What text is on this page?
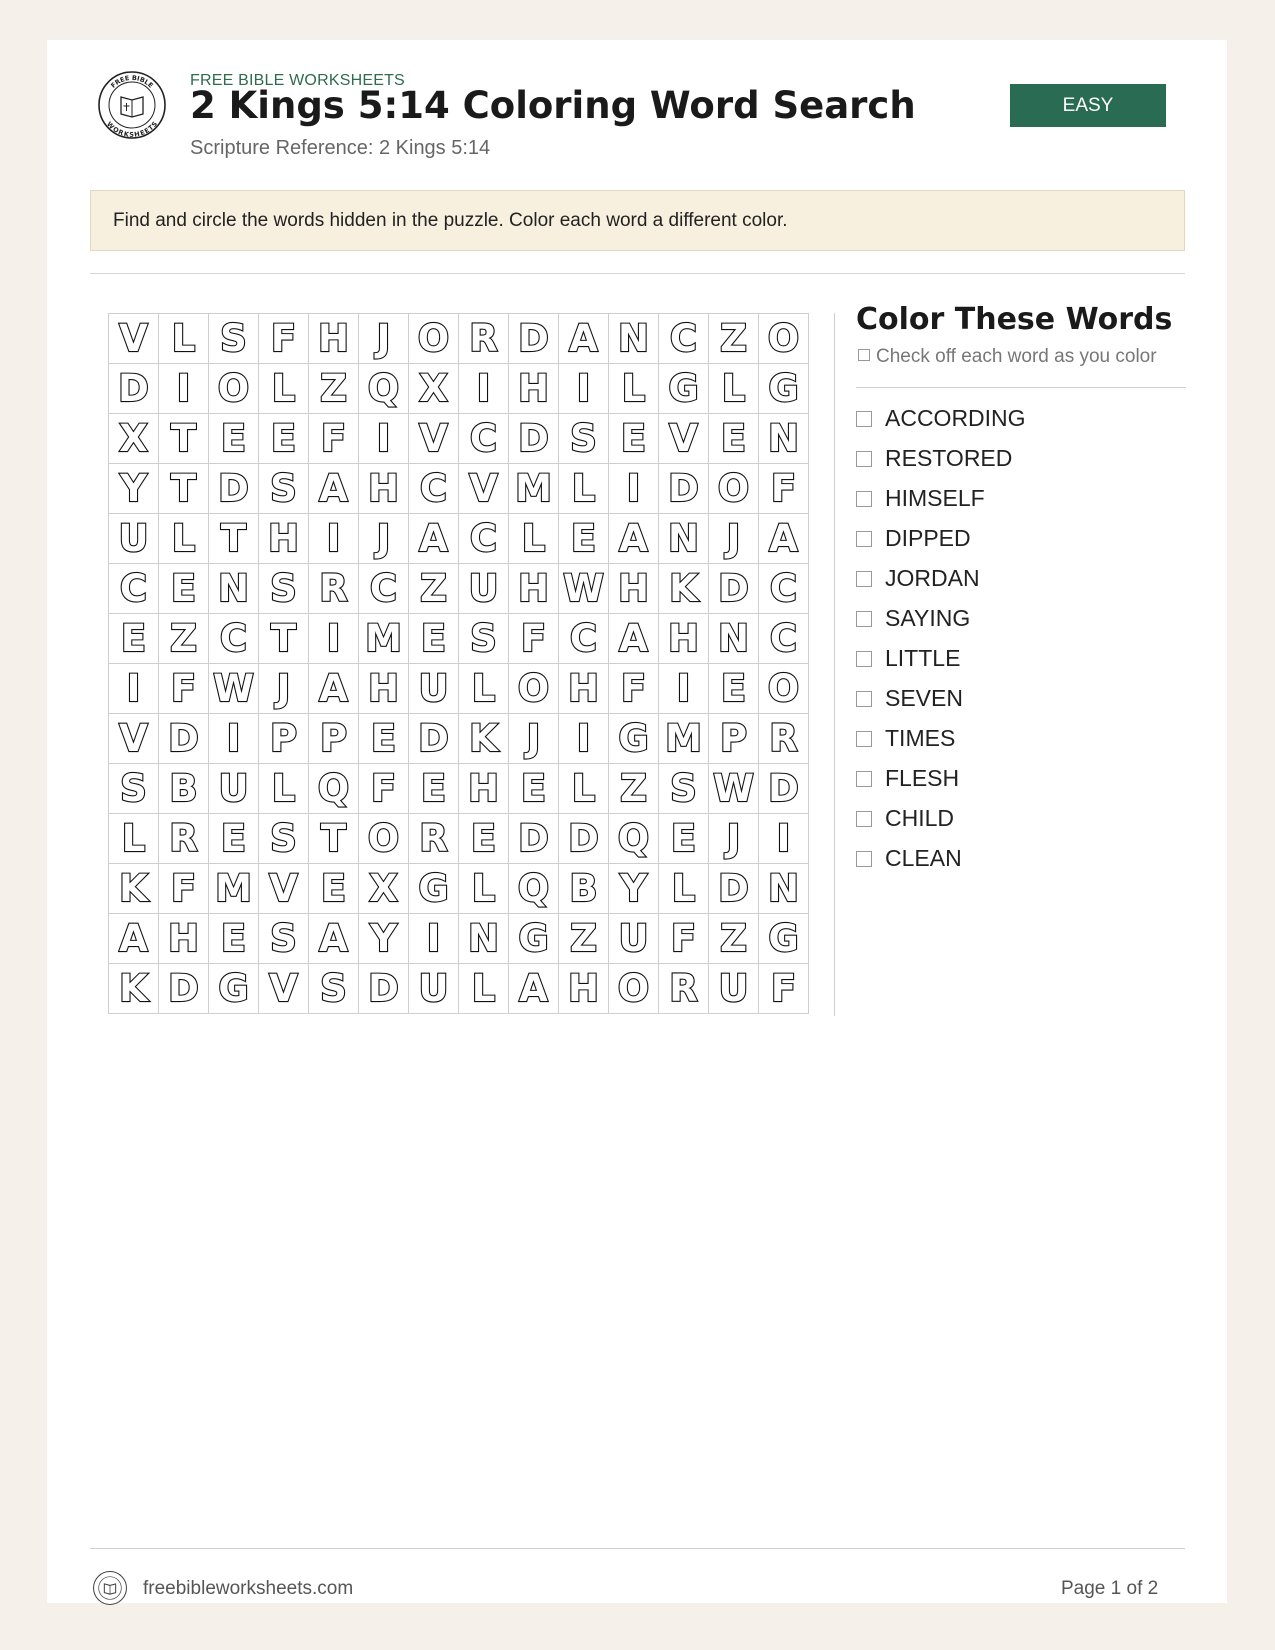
FREE BIBLE
WORKSHEETS
FREE BIBLE WORKSHEETS
2 Kings 5:14 Coloring Word Search
Scripture Reference: 2 Kings 5:14
EASY
Find and circle the words hidden in the puzzle. Color each word a different color.
V	L	S	F	H	J	O	R	D	A	N	C	Z	O
D	I	O	L	Z	Q	X	I	H	I	L	G	L	G
X	T	E	E	F	I	V	C	D	S	E	V	E	N
Y	T	D	S	A	H	C	V	M	L	I	D	O	F
U	L	T	H	I	J	A	C	L	E	A	N	J	A
C	E	N	S	R	C	Z	U	H	W	H	K	D	C
E	Z	C	T	I	M	E	S	F	C	A	H	N	C
I	F	W	J	A	H	U	L	O	H	F	I	E	O
V	D	I	P	P	E	D	K	J	I	G	M	P	R
S	B	U	L	Q	F	E	H	E	L	Z	S	W	D
L	R	E	S	T	O	R	E	D	D	Q	E	J	I
K	F	M	V	E	X	G	L	Q	B	Y	L	D	N
A	H	E	S	A	Y	I	N	G	Z	U	F	Z	G
K	D	G	V	S	D	U	L	A	H	O	R	U	F
Color These Words
Check off each word as you color
ACCORDING
RESTORED
HIMSELF
DIPPED
JORDAN
SAYING
LITTLE
SEVEN
TIMES
FLESH
CHILD
CLEAN
freebibleworksheets.com	Page 1 of 2
